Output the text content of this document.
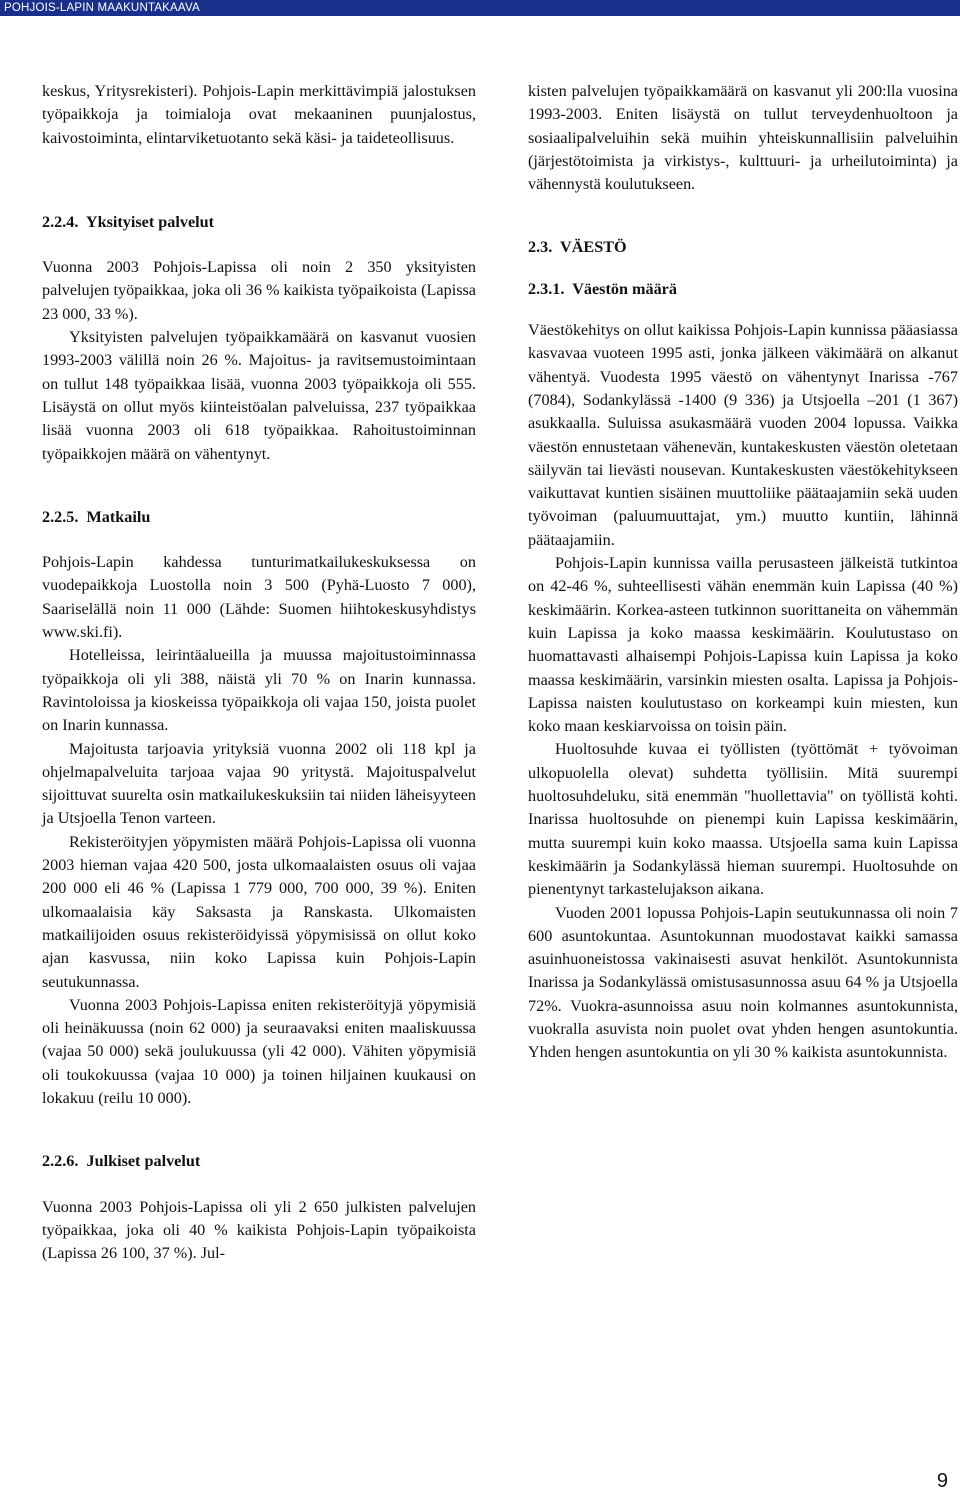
POHJOIS-LAPIN MAAKUNTAKAAVA

keskus, Yritysrekisteri). Pohjois-Lapin merkittävimpiä jalostuksen työpaikkoja ja toimialoja ovat mekaaninen puunjalostus, kaivostoiminta, elintarviketuotanto sekä käsi- ja taideteollisuus.

2.2.4. Yksityiset palvelut

Vuonna 2003 Pohjois-Lapissa oli noin 2 350 yksityisten palvelujen työpaikkaa, joka oli 36 % kaikista työpaikoista (Lapissa 23 000, 33 %).

Yksityisten palvelujen työpaikkamäärä on kasvanut vuosien 1993-2003 välillä noin 26 %. Majoitus- ja ravitsemustoimintaan on tullut 148 työpaikkaa lisää, vuonna 2003 työpaikkoja oli 555. Lisäystä on ollut myös kiinteistöalan palveluissa, 237 työpaikkaa lisää vuonna 2003 oli 618 työpaikkaa. Rahoitustoiminnan työpaikkojen määrä on vähentynyt.

2.2.5. Matkailu

Pohjois-Lapin kahdessa tunturimatkailukeskuksessa on vuodepaikkoja Luostolla noin 3 500 (Pyhä-Luosto 7 000), Saariselällä noin 11 000 (Lähde: Suomen hiihtokeskusyhdistys www.ski.fi).

Hotelleissa, leirintäalueilla ja muussa majoitustoiminnassa työpaikkoja oli yli 388, näistä yli 70 % on Inarin kunnassa. Ravintoloissa ja kioskeissa työpaikkoja oli vajaa 150, joista puolet on Inarin kunnassa.

Majoitusta tarjoavia yrityksiä vuonna 2002 oli 118 kpl ja ohjelmapalveluita tarjoaa vajaa 90 yritystä. Majoituspalvelut sijoittuvat suurelta osin matkailukeskuksiin tai niiden läheisyyteen ja Utsjoella Tenon varteen.

Rekisteröityjen yöpymisten määrä Pohjois-Lapissa oli vuonna 2003 hieman vajaa 420 500, josta ulkomaalaisten osuus oli vajaa 200 000 eli 46 % (Lapissa 1 779 000, 700 000, 39 %). Eniten ulkomaalaisia käy Saksasta ja Ranskasta. Ulkomaisten matkailijoiden osuus rekisteröidyissä yöpymisissä on ollut koko ajan kasvussa, niin koko Lapissa kuin Pohjois-Lapin seutukunnassa.

Vuonna 2003 Pohjois-Lapissa eniten rekisteröityjä yöpymisiä oli heinäkuussa (noin 62 000) ja seuraavaksi eniten maaliskuussa (vajaa 50 000) sekä joulukuussa (yli 42 000). Vähiten yöpymisiä oli toukokuussa (vajaa 10 000) ja toinen hiljainen kuukausi on lokakuu (reilu 10 000).

2.2.6. Julkiset palvelut

Vuonna 2003 Pohjois-Lapissa oli yli 2 650 julkisten palvelujen työpaikkaa, joka oli 40 % kaikista Pohjois-Lapin työpaikoista (Lapissa 26 100, 37 %). Jul-

kisten palvelujen työpaikkamäärä on kasvanut yli 200:lla vuosina 1993-2003. Eniten lisäystä on tullut terveydenhuoltoon ja sosiaalipalveluihin sekä muihin yhteiskunnallisiin palveluihin (järjestötoimista ja virkistys-, kulttuuri- ja urheilutoiminta) ja vähennystä koulutukseen.

2.3. VÄESTÖ
2.3.1. Väestön määrä

Väestökehitys on ollut kaikissa Pohjois-Lapin kunnissa pääasiassa kasvavaa vuoteen 1995 asti, jonka jälkeen väkimäärä on alkanut vähentyä. Vuodesta 1995 väestö on vähentynyt Inarissa -767 (7084), Sodankylässä -1400 (9 336) ja Utsjoella –201 (1 367) asukkaalla. Suluissa asukasmäärä vuoden 2004 lopussa. Vaikka väestön ennustetaan vähenevän, kuntakeskusten väestön oletetaan säilyvän tai lievästi nousevan. Kuntakeskusten väestökehitykseen vaikuttavat kuntien sisäinen muuttoliike päätaajamiin sekä uuden työvoiman (paluumuuttajat, ym.) muutto kuntiin, lähinnä päätaajamiin.

Pohjois-Lapin kunnissa vailla perusasteen jälkeistä tutkintoa on 42-46 %, suhteellisesti vähän enemmän kuin Lapissa (40 %) keskimäärin. Korkea-asteen tutkinnon suorittaneita on vähemmän kuin Lapissa ja koko maassa keskimäärin. Koulutustaso on huomattavasti alhaisempi Pohjois-Lapissa kuin Lapissa ja koko maassa keskimäärin, varsinkin miesten osalta. Lapissa ja Pohjois-Lapissa naisten koulutustaso on korkeampi kuin miesten, kun koko maan keskiarvoissa on toisin päin.

Huoltosuhde kuvaa ei työllisten (työttömät + työvoiman ulkopuolella olevat) suhdetta työllisiin. Mitä suurempi huoltosuhdeluku, sitä enemmän "huollettavia" on työllistä kohti. Inarissa huoltosuhde on pienempi kuin Lapissa keskimäärin, mutta suurempi kuin koko maassa. Utsjoella sama kuin Lapissa keskimäärin ja Sodankylässä hieman suurempi. Huoltosuhde on pienentynyt tarkastelujakson aikana.

Vuoden 2001 lopussa Pohjois-Lapin seutukunnassa oli noin 7 600 asuntokuntaa. Asuntokunnan muodostavat kaikki samassa asuinhuoneistossa vakinaisesti asuvat henkilöt. Asuntokunnista Inarissa ja Sodankylässä omistusasunnossa asuu 64 % ja Utsjoella 72%. Vuokra-asunnoissa asuu noin kolmannes asuntokunnista, vuokralla asuvista noin puolet ovat yhden hengen asuntokuntia. Yhden hengen asuntokuntia on yli 30 % kaikista asuntokunnista.

9
